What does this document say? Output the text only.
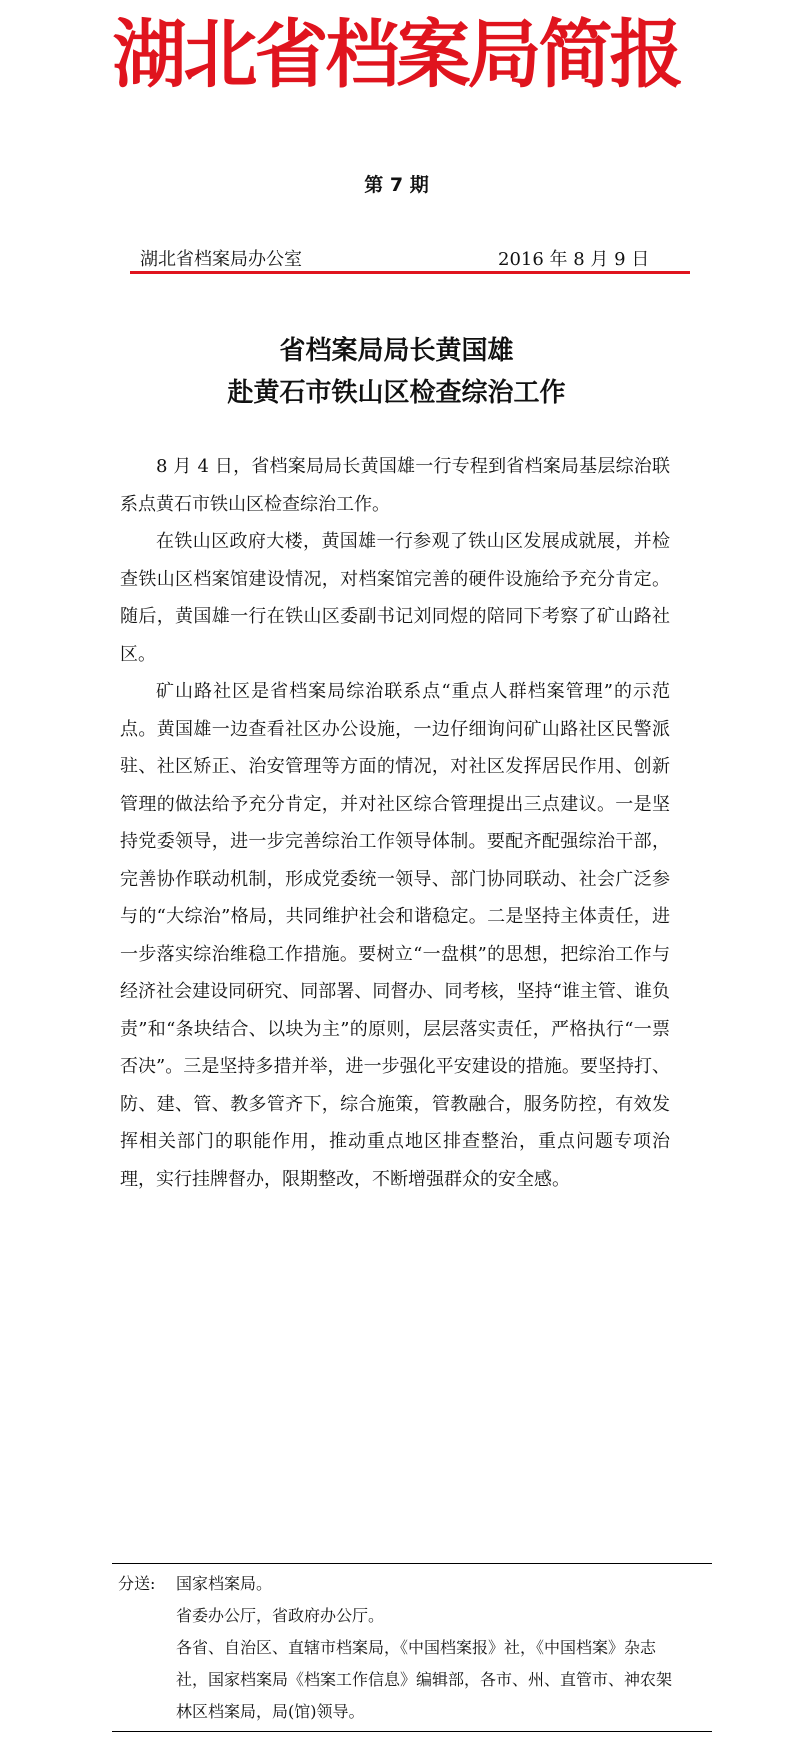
湖北省档案局简报
第 7 期
湖北省档案局办公室	2016 年 8 月 9 日
省档案局局长黄国雄
赴黄石市铁山区检查综治工作

8 月 4 日，省档案局局长黄国雄一行专程到省档案局基层综治联系点黄石市铁山区检查综治工作。

在铁山区政府大楼，黄国雄一行参观了铁山区发展成就展，并检查铁山区档案馆建设情况，对档案馆完善的硬件设施给予充分肯定。随后，黄国雄一行在铁山区委副书记刘同煜的陪同下考察了矿山路社区。

矿山路社区是省档案局综治联系点“重点人群档案管理”的示范点。黄国雄一边查看社区办公设施，一边仔细询问矿山路社区民警派驻、社区矫正、治安管理等方面的情况，对社区发挥居民作用、创新管理的做法给予充分肯定，并对社区综合管理提出三点建议。一是坚持党委领导，进一步完善综治工作领导体制。要配齐配强综治干部，完善协作联动机制，形成党委统一领导、部门协同联动、社会广泛参与的“大综治”格局，共同维护社会和谐稳定。二是坚持主体责任，进一步落实综治维稳工作措施。要树立“一盘棋”的思想，把综治工作与经济社会建设同研究、同部署、同督办、同考核，坚持“谁主管、谁负责”和“条块结合、以块为主”的原则，层层落实责任，严格执行“一票否决”。三是坚持多措并举，进一步强化平安建设的措施。要坚持打、防、建、管、教多管齐下，综合施策，管教融合，服务防控，有效发挥相关部门的职能作用，推动重点地区排查整治，重点问题专项治理，实行挂牌督办，限期整改，不断增强群众的安全感。

分送: 国家档案局。
省委办公厅，省政府办公厅。
各省、自治区、直辖市档案局，《中国档案报》社，《中国档案》杂志社，国家档案局《档案工作信息》编辑部，各市、州、直管市、神农架林区档案局，局(馆)领导。
